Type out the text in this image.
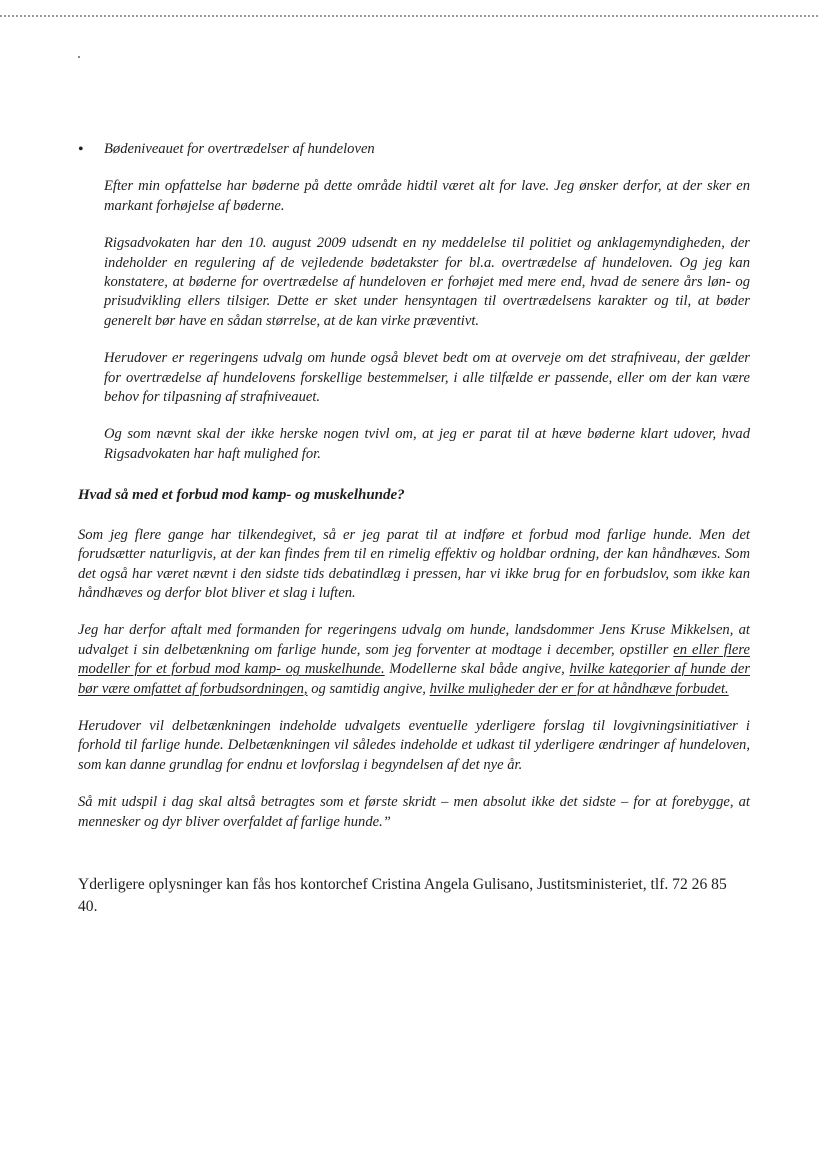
• Bødeniveauet for overtrædelser af hundeloven

Efter min opfattelse har bøderne på dette område hidtil været alt for lave. Jeg ønsker derfor, at der sker en markant forhøjelse af bøderne.

Rigsadvokaten har den 10. august 2009 udsendt en ny meddelelse til politiet og anklagemyndigheden, der indeholder en regulering af de vejledende bødetakster for bl.a. overtrædelse af hundeloven. Og jeg kan konstatere, at bøderne for overtrædelse af hundeloven er forhøjet med mere end, hvad de senere års løn- og prisudvikling ellers tilsiger. Dette er sket under hensyntagen til overtrædelsens karakter og til, at bøder generelt bør have en sådan størrelse, at de kan virke præventivt.

Herudover er regeringens udvalg om hunde også blevet bedt om at overveje om det strafniveau, der gælder for overtrædelse af hundelovens forskellige bestemmelser, i alle tilfælde er passende, eller om der kan være behov for tilpasning af strafniveauet.

Og som nævnt skal der ikke herske nogen tvivl om, at jeg er parat til at hæve bøderne klart udover, hvad Rigsadvokaten har haft mulighed for.

Hvad så med et forbud mod kamp- og muskelhunde?

Som jeg flere gange har tilkendegivet, så er jeg parat til at indføre et forbud mod farlige hunde. Men det forudsætter naturligvis, at der kan findes frem til en rimelig effektiv og holdbar ordning, der kan håndhæves. Som det også har været nævnt i den sidste tids debatindlæg i pressen, har vi ikke brug for en forbudslov, som ikke kan håndhæves og derfor blot bliver et slag i luften.

Jeg har derfor aftalt med formanden for regeringens udvalg om hunde, landsdommer Jens Kruse Mikkelsen, at udvalget i sin delbetænkning om farlige hunde, som jeg forventer at modtage i december, opstiller en eller flere modeller for et forbud mod kamp- og muskelhunde. Modellerne skal både angive, hvilke kategorier af hunde der bør være omfattet af forbudsordningen, og samtidig angive, hvilke muligheder der er for at håndhæve forbudet.

Herudover vil delbetænkningen indeholde udvalgets eventuelle yderligere forslag til lovgivningsinitiativer i forhold til farlige hunde. Delbetænkningen vil således indeholde et udkast til yderligere ændringer af hundeloven, som kan danne grundlag for endnu et lovforslag i begyndelsen af det nye år.

Så mit udspil i dag skal altså betragtes som et første skridt – men absolut ikke det sidste – for at forebygge, at mennesker og dyr bliver overfaldet af farlige hunde.”

Yderligere oplysninger kan fås hos kontorchef Cristina Angela Gulisano, Justitsministeriet, tlf. 72 26 85 40.
